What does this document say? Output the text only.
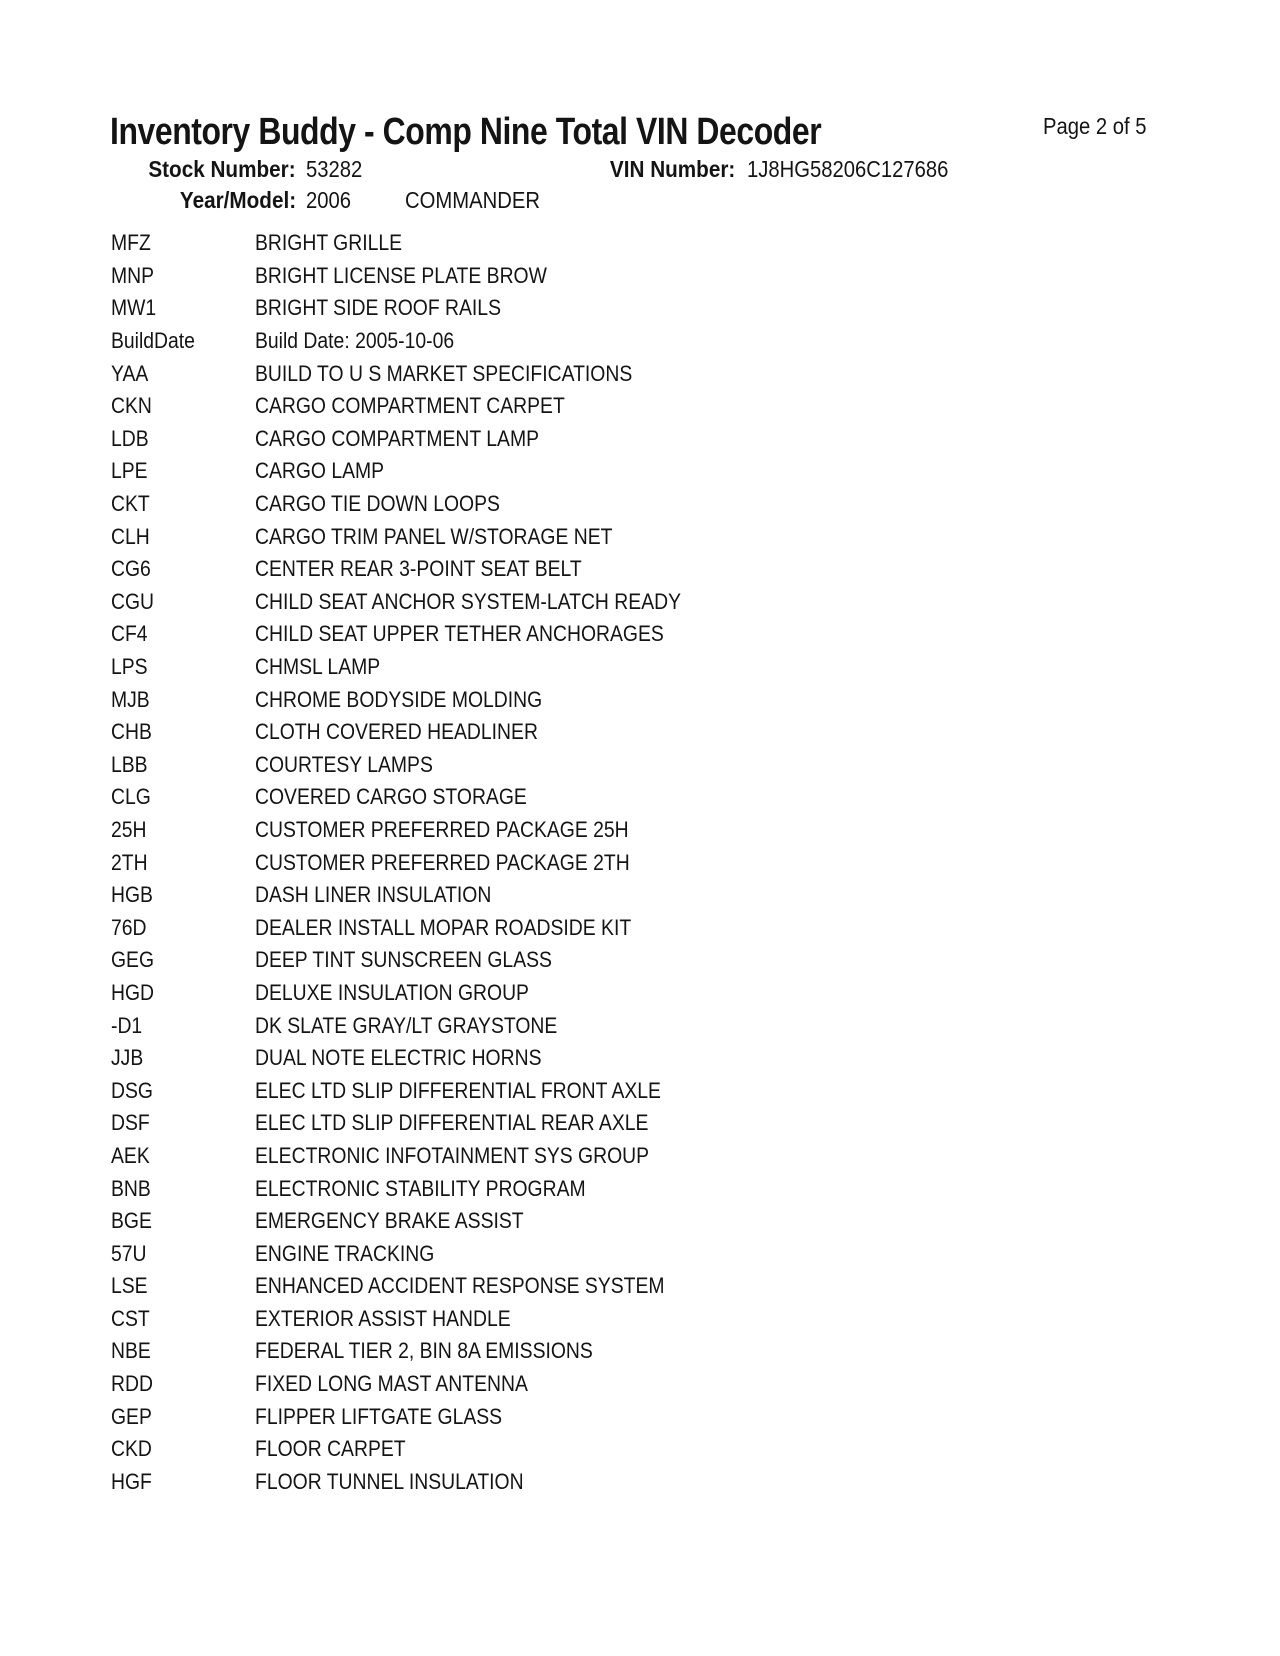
Inventory Buddy - Comp Nine Total VIN Decoder	Page 2 of 5
Stock Number: 53282	VIN Number: 1J8HG58206C127686
Year/Model: 2006 COMMANDER
MFZ	BRIGHT GRILLE
MNP	BRIGHT LICENSE PLATE BROW
MW1	BRIGHT SIDE ROOF RAILS
BuildDate	Build Date: 2005-10-06
YAA	BUILD TO U S MARKET SPECIFICATIONS
CKN	CARGO COMPARTMENT CARPET
LDB	CARGO COMPARTMENT LAMP
LPE	CARGO LAMP
CKT	CARGO TIE DOWN LOOPS
CLH	CARGO TRIM PANEL W/STORAGE NET
CG6	CENTER REAR 3-POINT SEAT BELT
CGU	CHILD SEAT ANCHOR SYSTEM-LATCH READY
CF4	CHILD SEAT UPPER TETHER ANCHORAGES
LPS	CHMSL LAMP
MJB	CHROME BODYSIDE MOLDING
CHB	CLOTH COVERED HEADLINER
LBB	COURTESY LAMPS
CLG	COVERED CARGO STORAGE
25H	CUSTOMER PREFERRED PACKAGE 25H
2TH	CUSTOMER PREFERRED PACKAGE 2TH
HGB	DASH LINER INSULATION
76D	DEALER INSTALL MOPAR ROADSIDE KIT
GEG	DEEP TINT SUNSCREEN GLASS
HGD	DELUXE INSULATION GROUP
-D1	DK SLATE GRAY/LT GRAYSTONE
JJB	DUAL NOTE ELECTRIC HORNS
DSG	ELEC LTD SLIP DIFFERENTIAL FRONT AXLE
DSF	ELEC LTD SLIP DIFFERENTIAL REAR AXLE
AEK	ELECTRONIC INFOTAINMENT SYS GROUP
BNB	ELECTRONIC STABILITY PROGRAM
BGE	EMERGENCY BRAKE ASSIST
57U	ENGINE TRACKING
LSE	ENHANCED ACCIDENT RESPONSE SYSTEM
CST	EXTERIOR ASSIST HANDLE
NBE	FEDERAL TIER 2, BIN 8A EMISSIONS
RDD	FIXED LONG MAST ANTENNA
GEP	FLIPPER LIFTGATE GLASS
CKD	FLOOR CARPET
HGF	FLOOR TUNNEL INSULATION
